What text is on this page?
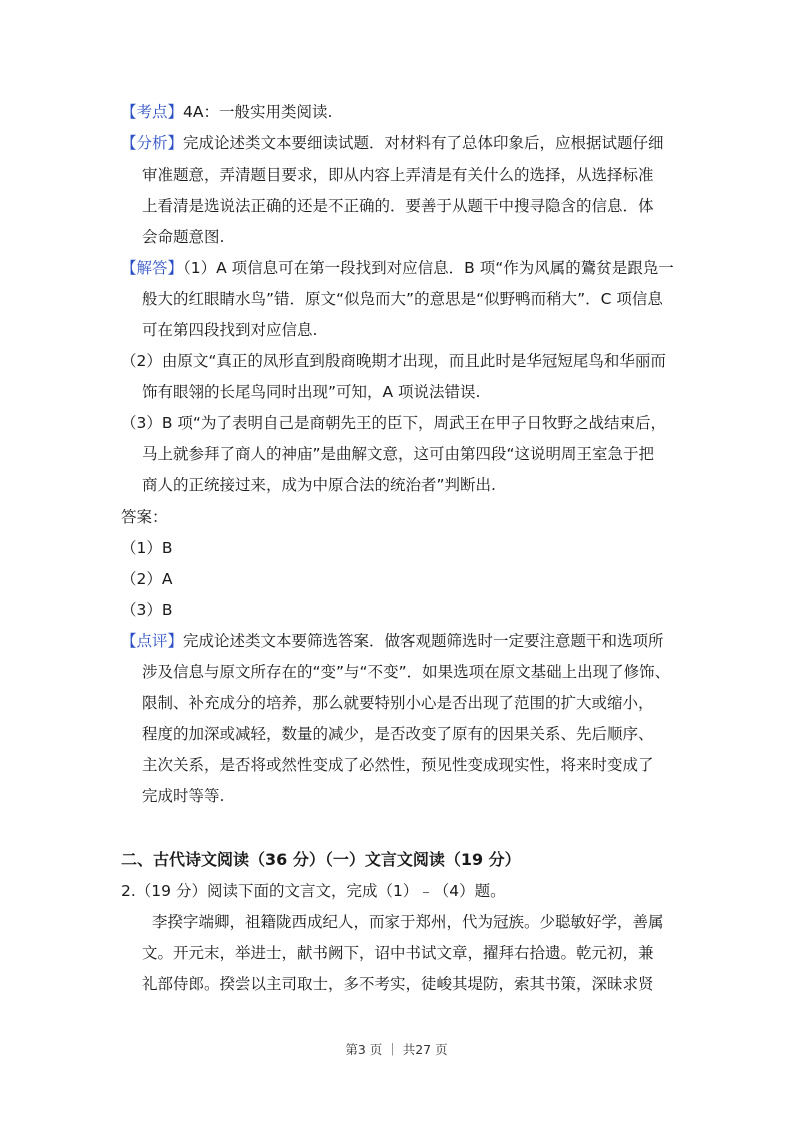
【考点】4A：一般实用类阅读.
【分析】完成论述类文本要细读试题．对材料有了总体印象后，应根据试题仔细
审准题意，弄清题目要求，即从内容上弄清是有关什么的选择，从选择标准
上看清是选说法正确的还是不正确的．要善于从题干中搜寻隐含的信息．体
会命题意图.
【解答】（1）A 项信息可在第一段找到对应信息．B 项“作为风属的鷟贫是跟凫一
般大的红眼睛水鸟”错．原文“似凫而大”的意思是“似野鸭而稍大”．C 项信息
可在第四段找到对应信息.
（2）由原文“真正的凤形直到殷商晚期才出现，而且此时是华冠短尾鸟和华丽而
饰有眼翎的长尾鸟同时出现”可知，A 项说法错误.
（3）B 项“为了表明自己是商朝先王的臣下，周武王在甲子日牧野之战结束后，
马上就参拜了商人的神庙”是曲解文意，这可由第四段“这说明周王室急于把
商人的正统接过来，成为中原合法的统治者”判断出.
答案：
（1）B
（2）A
（3）B
【点评】完成论述类文本要筛选答案．做客观题筛选时一定要注意题干和选项所
涉及信息与原文所存在的“变”与“不变”．如果选项在原文基础上出现了修饰、
限制、补充成分的培养，那么就要特别小心是否出现了范围的扩大或缩小，
程度的加深或减轻，数量的减少，是否改变了原有的因果关系、先后顺序、
主次关系，是否将或然性变成了必然性，预见性变成现实性，将来时变成了
完成时等等.
二、古代诗文阅读（36 分）（一）文言文阅读（19 分）
2.（19 分）阅读下面的文言文，完成（1）﹣（4）题。
李揆字端卿，祖籍陇西成纪人，而家于郑州，代为冠族。少聪敏好学，善属
文。开元末，举进士，献书阙下，诏中书试文章，擢拜右拾遗。乾元初，兼
礼部侍郎。揆尝以主司取士，多不考实，徒峻其堤防，索其书策，深昧求贤
第3 页 ｜ 共27 页
